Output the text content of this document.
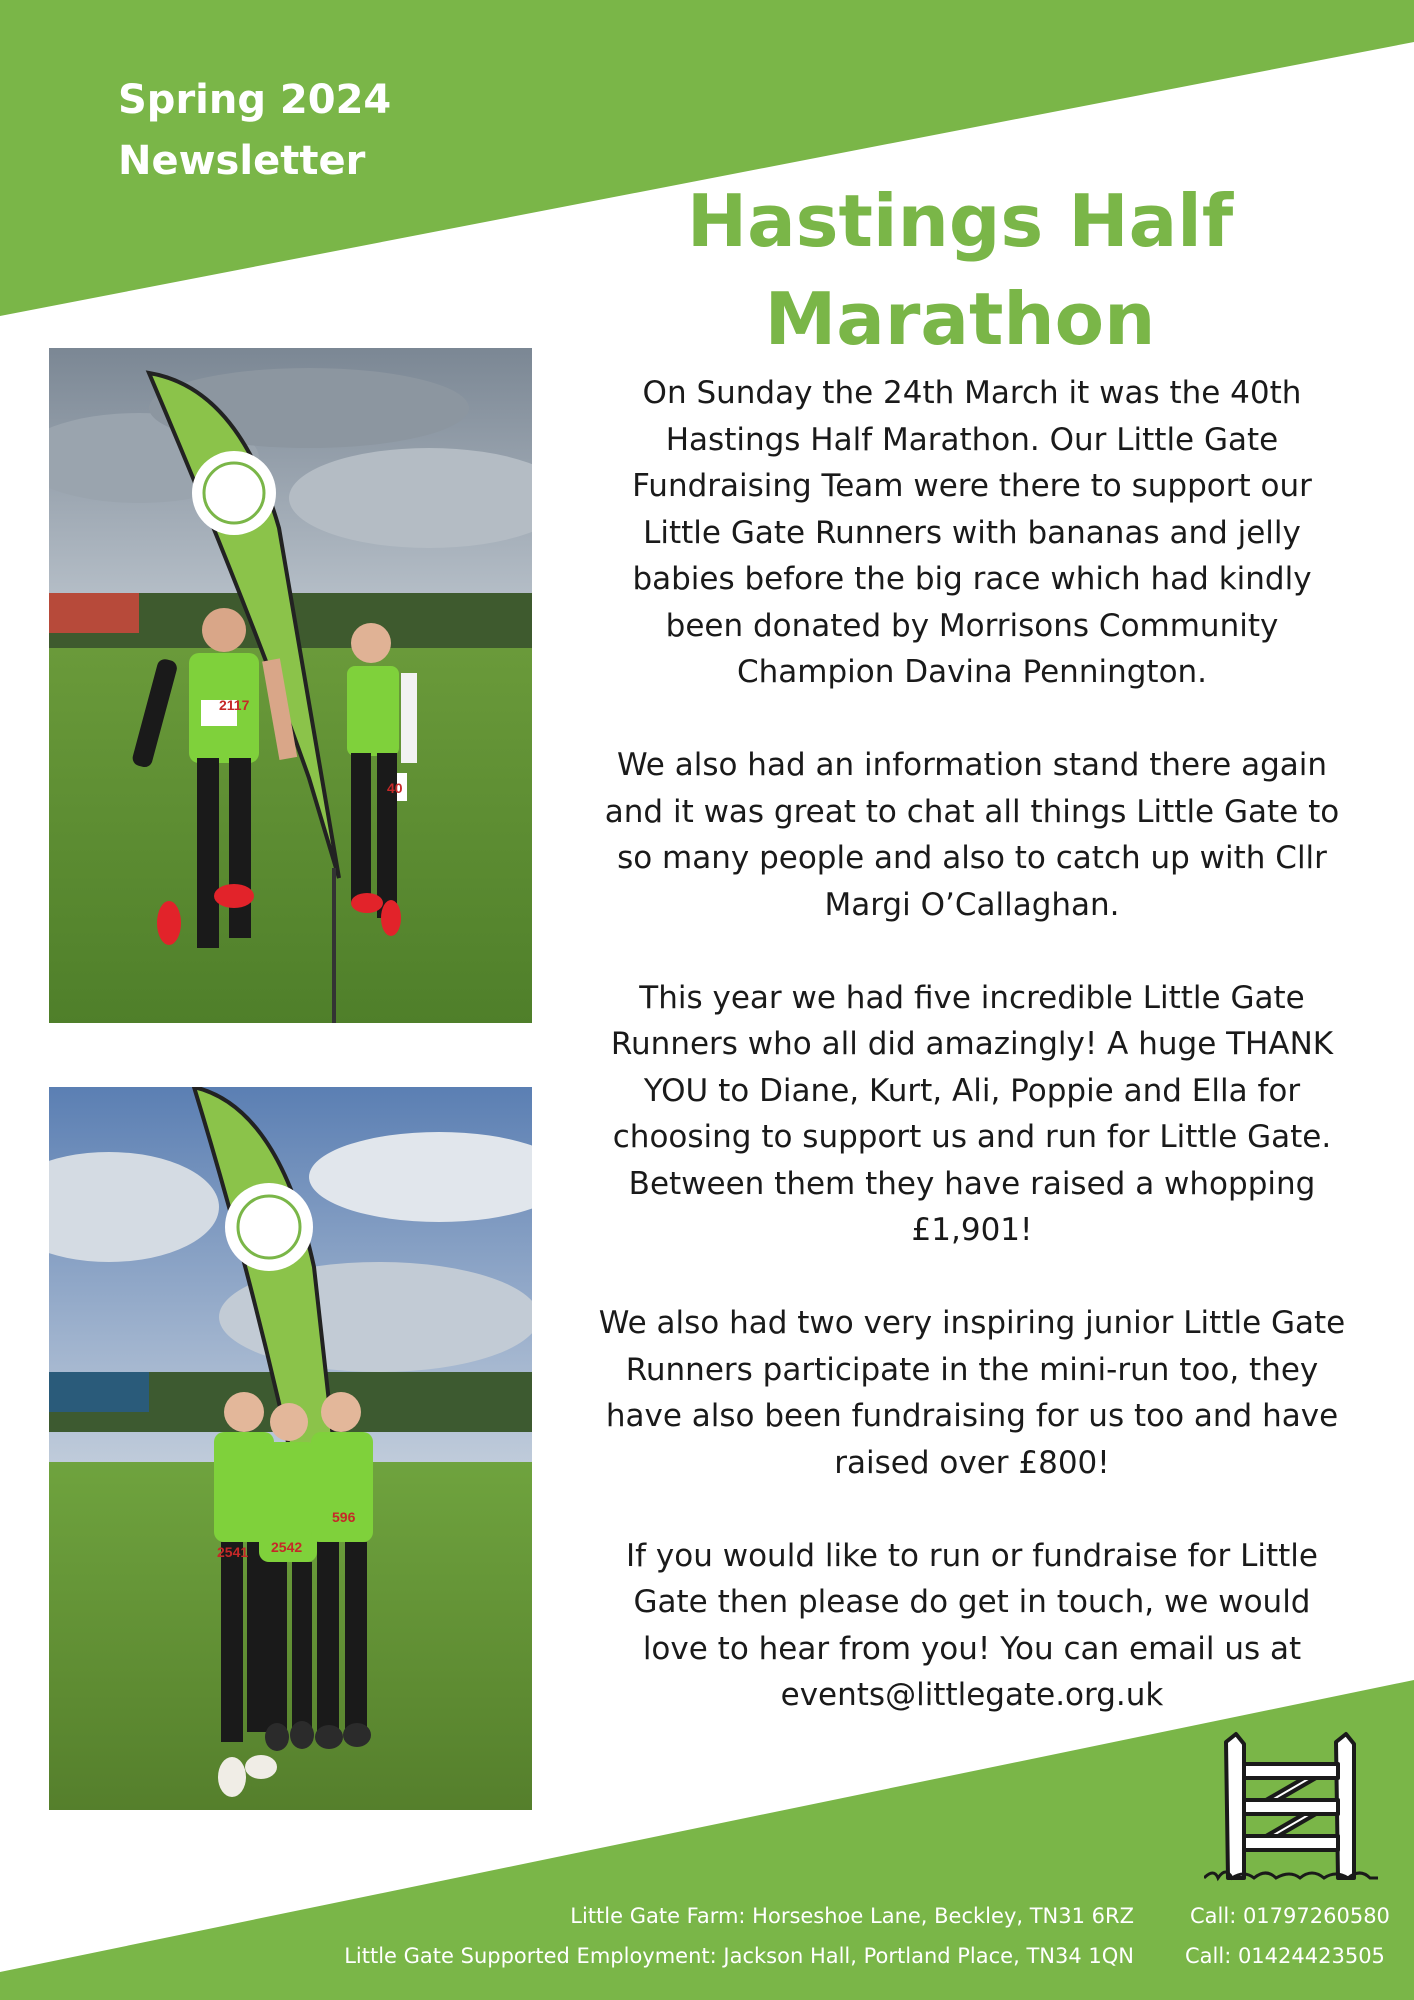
Spring 2024
Newsletter
Hastings Half Marathon

On Sunday the 24th March it was the 40th Hastings Half Marathon. Our Little Gate Fundraising Team were there to support our Little Gate Runners with bananas and jelly babies before the big race which had kindly been donated by Morrisons Community Champion Davina Pennington.

We also had an information stand there again and it was great to chat all things Little Gate to so many people and also to catch up with Cllr Margi O’Callaghan.

This year we had five incredible Little Gate Runners who all did amazingly! A huge THANK YOU to Diane, Kurt, Ali, Poppie and Ella for choosing to support us and run for Little Gate. Between them they have raised a whopping £1,901!

We also had two very inspiring junior Little Gate Runners participate in the mini-run too, they have also been fundraising for us too and have raised over £800!

If you would like to run or fundraise for Little Gate then please do get in touch, we would love to hear from you! You can email us at events@littlegate.org.uk

2117
40
2541 2542
596
Little Gate Farm: Horseshoe Lane, Beckley, TN31 6RZ
Little Gate Supported Employment: Jackson Hall, Portland Place, TN34 1QN
Call: 01797260580
Call: 01424423505
